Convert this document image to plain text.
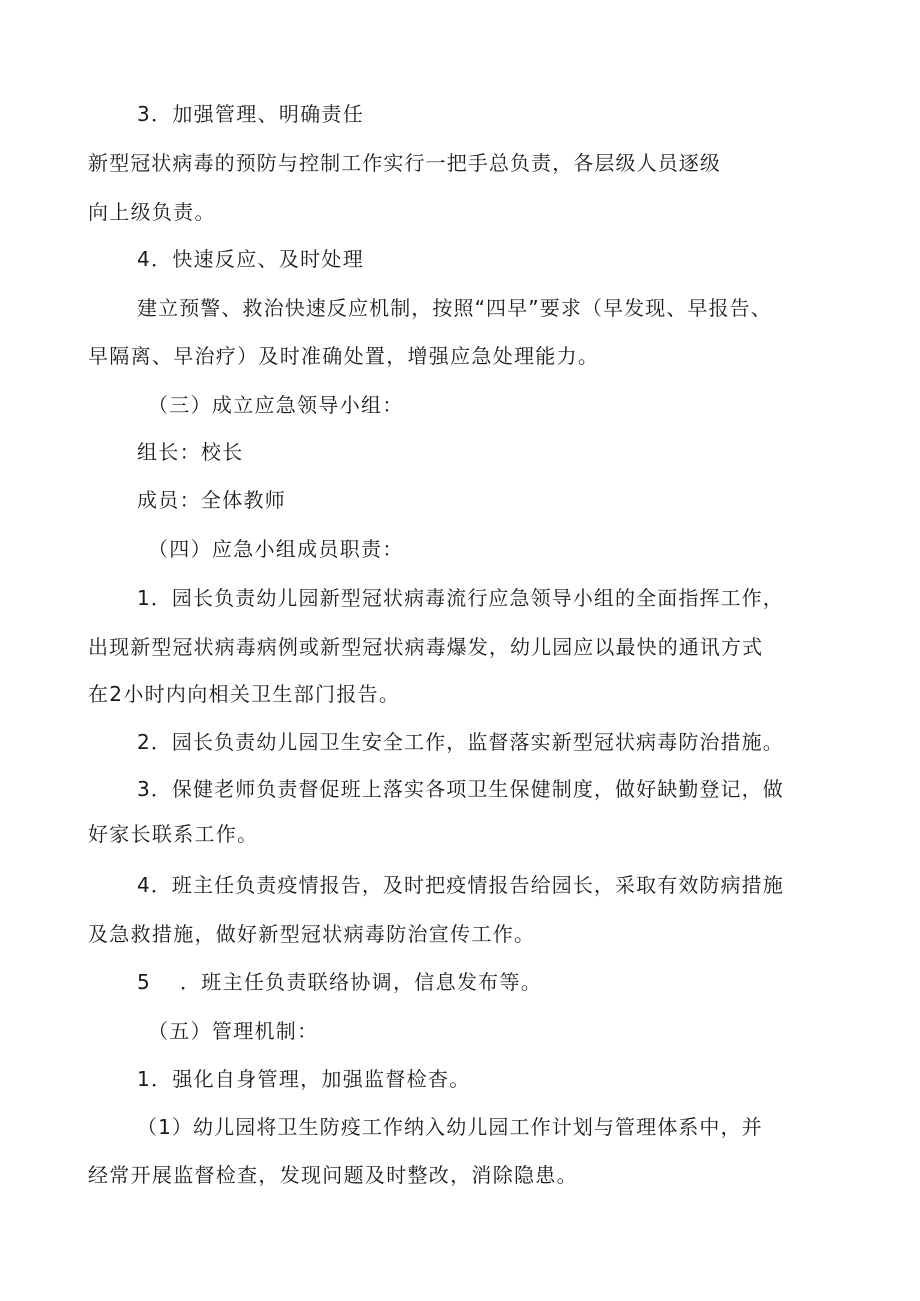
3．加强管理、明确责任
新型冠状病毒的预防与控制工作实行一把手总负责，各层级人员逐级
向上级负责。
4．快速反应、及时处理
建立预警、救治快速反应机制，按照“四早”要求（早发现、早报告、
早隔离、早治疗）及时准确处置，增强应急处理能力。
（三）成立应急领导小组：
组长：校长
成员：全体教师
（四）应急小组成员职责：
1．园长负责幼儿园新型冠状病毒流行应急领导小组的全面指挥工作，
出现新型冠状病毒病例或新型冠状病毒爆发，幼儿园应以最快的通讯方式
在2小时内向相关卫生部门报告。
2．园长负责幼儿园卫生安全工作，监督落实新型冠状病毒防治措施。
3．保健老师负责督促班上落实各项卫生保健制度，做好缺勤登记，做
好家长联系工作。
4．班主任负责疫情报告，及时把疫情报告给园长，采取有效防病措施
及急救措施，做好新型冠状病毒防治宣传工作。
5　 ．班主任负责联络协调，信息发布等。
（五）管理机制：
1．强化自身管理，加强监督检杳。
（1）幼儿园将卫生防疫工作纳入幼儿园工作计划与管理体系中，并
经常开展监督检查，发现问题及时整改，消除隐患。
